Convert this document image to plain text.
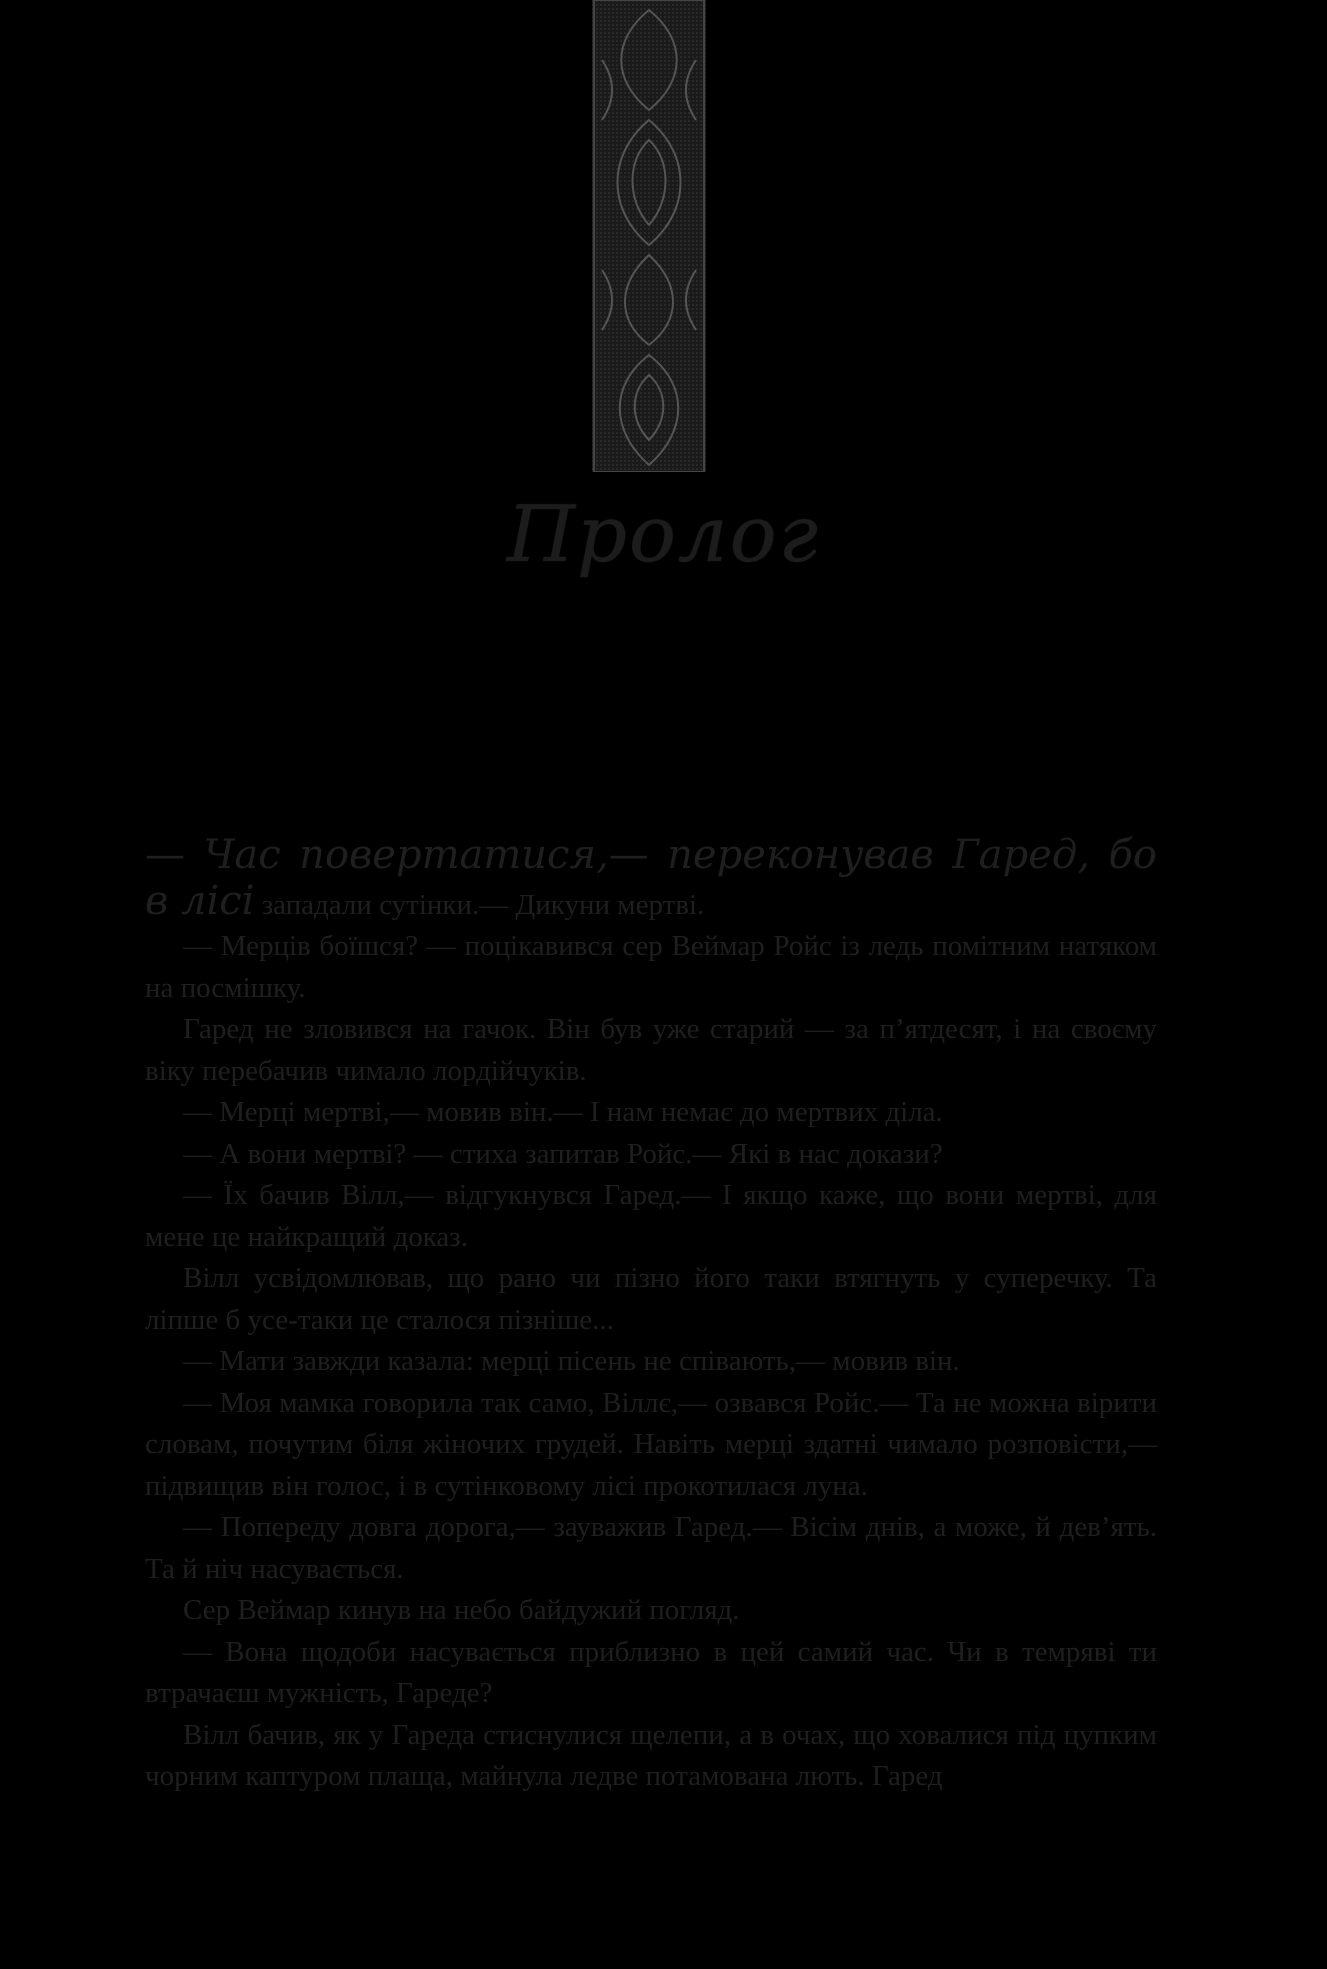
Пролог

— Час повертатися,— переконував Гаред, бо в лісі западали сутінки.— Дикуни мертві.

— Мерців боїшся? — поцікавився сер Веймар Ройс із ледь помітним натяком на посмішку.

Гаред не зловився на гачок. Він був уже старий — за п’ятдесят, і на своєму віку перебачив чимало лордійчуків.

— Мерці мертві,— мовив він.— І нам немає до мертвих діла.

— А вони мертві? — стиха запитав Ройс.— Які в нас докази?

— Їх бачив Вілл,— відгукнувся Гаред.— І якщо каже, що вони мертві, для мене це найкращий доказ.

Вілл усвідомлював, що рано чи пізно його таки втягнуть у суперечку. Та ліпше б усе-таки це сталося пізніше...

— Мати завжди казала: мерці пісень не співають,— мовив він.

— Моя мамка говорила так само, Віллє,— озвався Ройс.— Та не можна вірити словам, почутим біля жіночих грудей. Навіть мерці здатні чимало розповісти,— підвищив він голос, і в сутінковому лісі прокотилася луна.

— Попереду довга дорога,— зауважив Гаред.— Вісім днів, а може, й дев’ять. Та й ніч насувається.

Сер Веймар кинув на небо байдужий погляд.

— Вона щодоби насувається приблизно в цей самий час. Чи в темряві ти втрачаєш мужність, Гареде?

Вілл бачив, як у Гареда стиснулися щелепи, а в очах, що ховалися під цупким чорним каптуром плаща, майнула ледве потамована лють. Гаред
